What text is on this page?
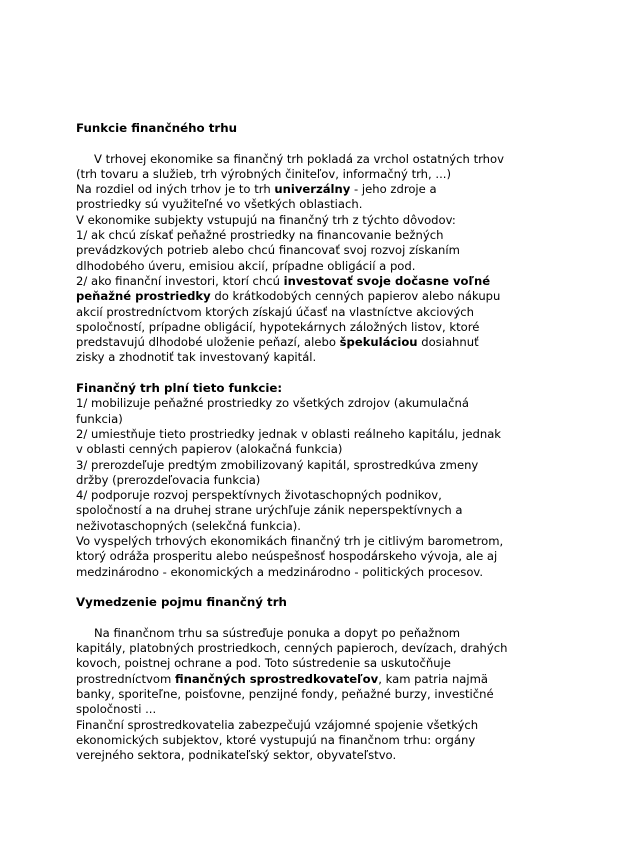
Funkcie finančného trhu
V trhovej ekonomike sa finančný trh pokladá za vrchol ostatných trhov
(trh tovaru a služieb, trh výrobných činiteľov, informačný trh, ...)
Na rozdiel od iných trhov je to trh univerzálny - jeho zdroje a
prostriedky sú využiteľné vo všetkých oblastiach.
V ekonomike subjekty vstupujú na finančný trh z týchto dôvodov:
1/ ak chcú získať peňažné prostriedky na financovanie bežných
prevádzkových potrieb alebo chcú financovať svoj rozvoj získaním
dlhodobého úveru, emisiou akcií, prípadne obligácií a pod.
2/ ako finanční investori, ktorí chcú investovať svoje dočasne voľné
peňažné prostriedky do krátkodobých cenných papierov alebo nákupu
akcií prostredníctvom ktorých získajú účasť na vlastníctve akciových
spoločností, prípadne obligácií, hypotekárnych záložných listov, ktoré
predstavujú dlhodobé uloženie peňazí, alebo špekuláciou dosiahnuť
zisky a zhodnotiť tak investovaný kapitál.
Finančný trh plní tieto funkcie:
1/ mobilizuje peňažné prostriedky zo všetkých zdrojov (akumulačná
funkcia)
2/ umiestňuje tieto prostriedky jednak v oblasti reálneho kapitálu, jednak
v oblasti cenných papierov (alokačná funkcia)
3/ prerozdeľuje predtým zmobilizovaný kapitál, sprostredkúva zmeny
držby (prerozdeľovacia funkcia)
4/ podporuje rozvoj perspektívnych životaschopných podnikov,
spoločností a na druhej strane urýchľuje zánik neperspektívnych a
neživotaschopných (selekčná funkcia).
Vo vyspelých trhových ekonomikách finančný trh je citlivým barometrom,
ktorý odráža prosperitu alebo neúspešnosť hospodárskeho vývoja, ale aj
medzinárodno - ekonomických a medzinárodno - politických procesov.
Vymedzenie pojmu finančný trh
Na finančnom trhu sa sústreďuje ponuka a dopyt po peňažnom
kapitály, platobných prostriedkoch, cenných papieroch, devízach, drahých
kovoch, poistnej ochrane a pod. Toto sústredenie sa uskutočňuje
prostredníctvom finančných sprostredkovateľov, kam patria najmä
banky, sporiteľne, poisťovne, penzijné fondy, peňažné burzy, investičné
spoločnosti ...
Finanční sprostredkovatelia zabezpečujú vzájomné spojenie všetkých
ekonomických subjektov, ktoré vystupujú na finančnom trhu: orgány
verejného sektora, podnikateľský sektor, obyvateľstvo.
